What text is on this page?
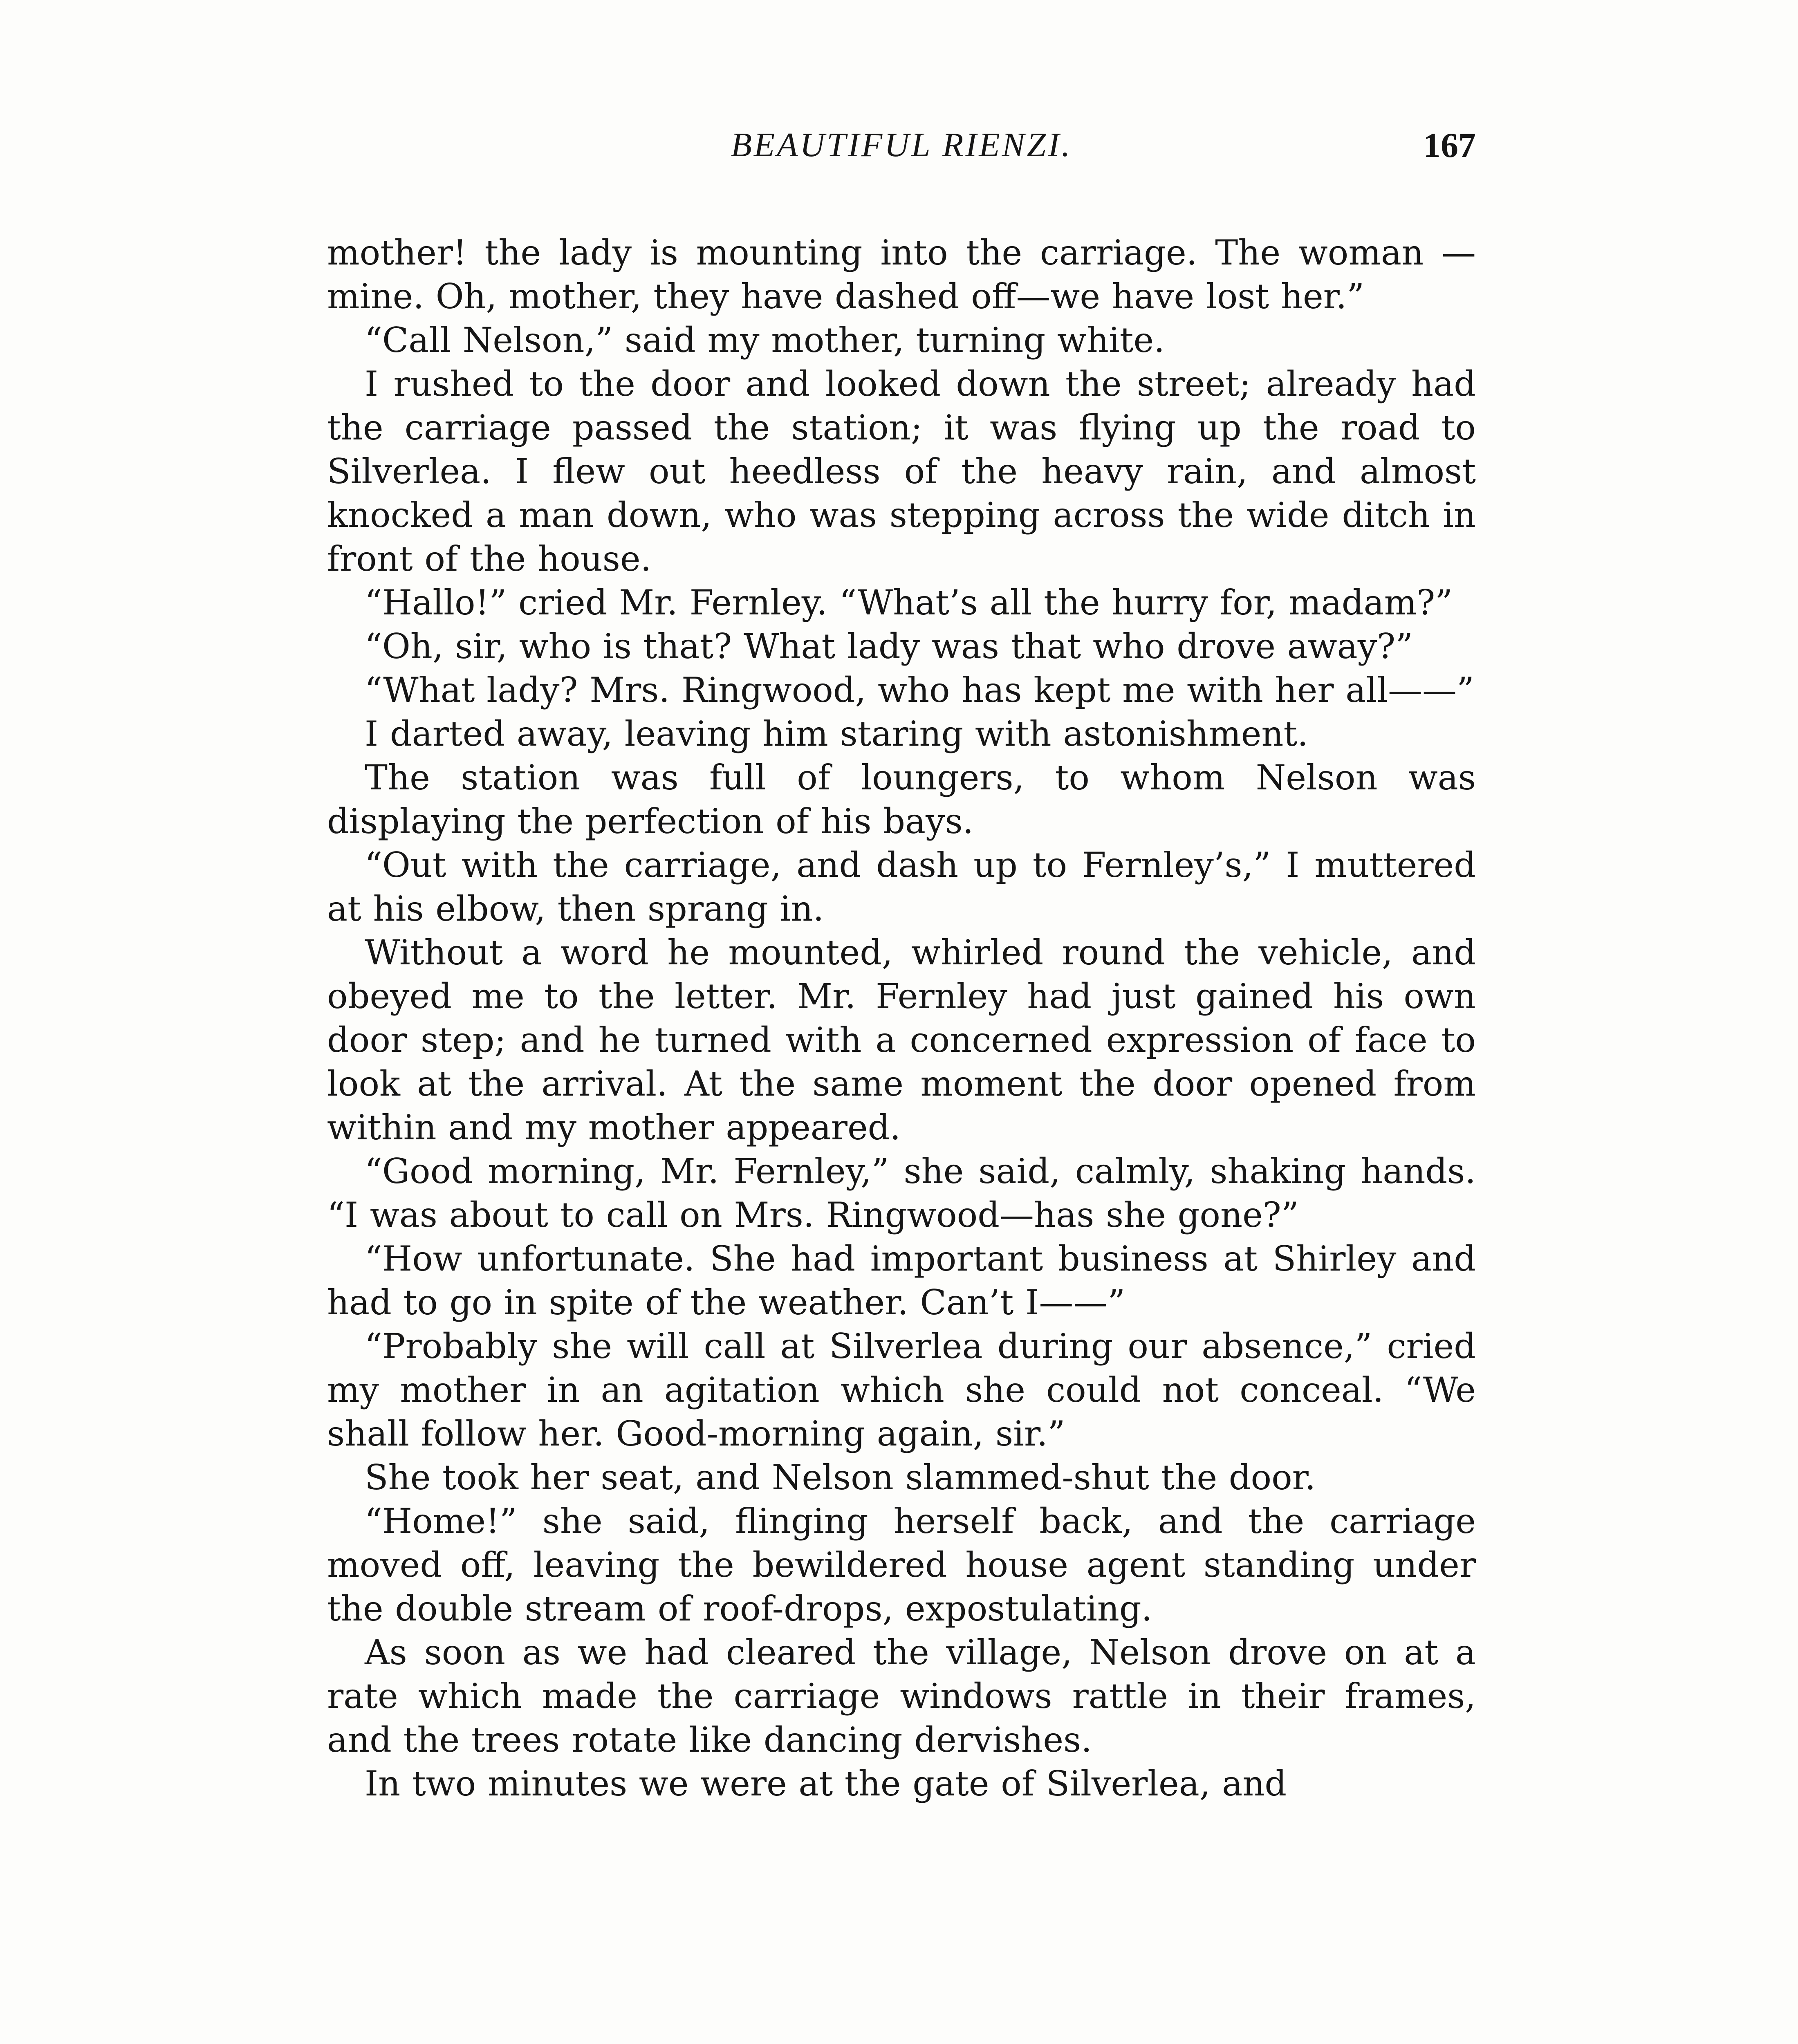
BEAUTIFUL RIENZI.	167

mother! the lady is mounting into the carriage. The woman —mine. Oh, mother, they have dashed off—we have lost her.”

“Call Nelson,” said my mother, turning white.

I rushed to the door and looked down the street; already had the carriage passed the station; it was flying up the road to Silverlea. I flew out heedless of the heavy rain, and almost knocked a man down, who was stepping across the wide ditch in front of the house.

“Hallo!” cried Mr. Fernley. “What’s all the hurry for, madam?”

“Oh, sir, who is that? What lady was that who drove away?”

“What lady? Mrs. Ringwood, who has kept me with her all——”

I darted away, leaving him staring with astonishment.

The station was full of loungers, to whom Nelson was displaying the perfection of his bays.

“Out with the carriage, and dash up to Fernley’s,” I muttered at his elbow, then sprang in.

Without a word he mounted, whirled round the vehicle, and obeyed me to the letter. Mr. Fernley had just gained his own door step; and he turned with a concerned expression of face to look at the arrival. At the same moment the door opened from within and my mother appeared.

“Good morning, Mr. Fernley,” she said, calmly, shaking hands. “I was about to call on Mrs. Ringwood—has she gone?”

“How unfortunate. She had important business at Shirley and had to go in spite of the weather. Can’t I——”

“Probably she will call at Silverlea during our absence,” cried my mother in an agitation which she could not conceal. “We shall follow her. Good-morning again, sir.”

She took her seat, and Nelson slammed-shut the door.

“Home!” she said, flinging herself back, and the carriage moved off, leaving the bewildered house agent standing under the double stream of roof-drops, expostulating.

As soon as we had cleared the village, Nelson drove on at a rate which made the carriage windows rattle in their frames, and the trees rotate like dancing dervishes.

In two minutes we were at the gate of Silverlea, and
